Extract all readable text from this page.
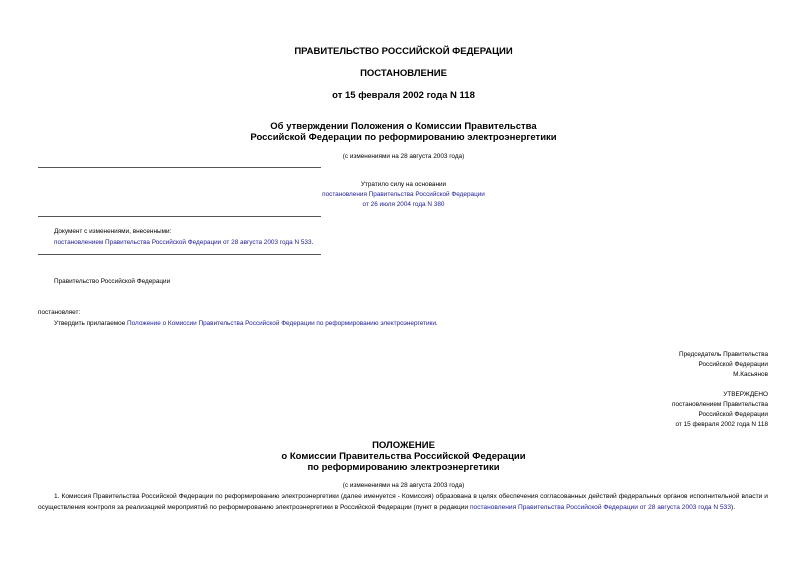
ПРАВИТЕЛЬСТВО РОССИЙСКОЙ ФЕДЕРАЦИИ
ПОСТАНОВЛЕНИЕ
от 15 февраля 2002 года N 118
Об утверждении Положения о Комиссии Правительства
Российской Федерации по реформированию электроэнергетики
(с изменениями на 28 августа 2003 года)
Утратило силу на основании
постановления Правительства Российской Федерации
от 26 июля 2004 года N 380
Документ с изменениями, внесенными:
постановлением Правительства Российской Федерации от 28 августа 2003 года N 533.
Правительство Российской Федерации
постановляет:
Утвердить прилагаемое Положение о Комиссии Правительства Российской Федерации по реформированию электроэнергетики.
Председатель Правительства
Российской Федерации
М.Касьянов
УТВЕРЖДЕНО
постановлением Правительства
Российской Федерации
от 15 февраля 2002 года N 118
ПОЛОЖЕНИЕ
о Комиссии Правительства Российской Федерации
по реформированию электроэнергетики
(с изменениями на 28 августа 2003 года)
1. Комиссия Правительства Российской Федерации по реформированию электроэнергетики (далее именуется - Комиссия) образована в целях обеспечения согласованных действий федеральных органов исполнительной власти и осуществления контроля за реализацией мероприятий по реформированию электроэнергетики в Российской Федерации (пункт в редакции постановления Правительства Российской Федерации от 28 августа 2003 года N 533).
